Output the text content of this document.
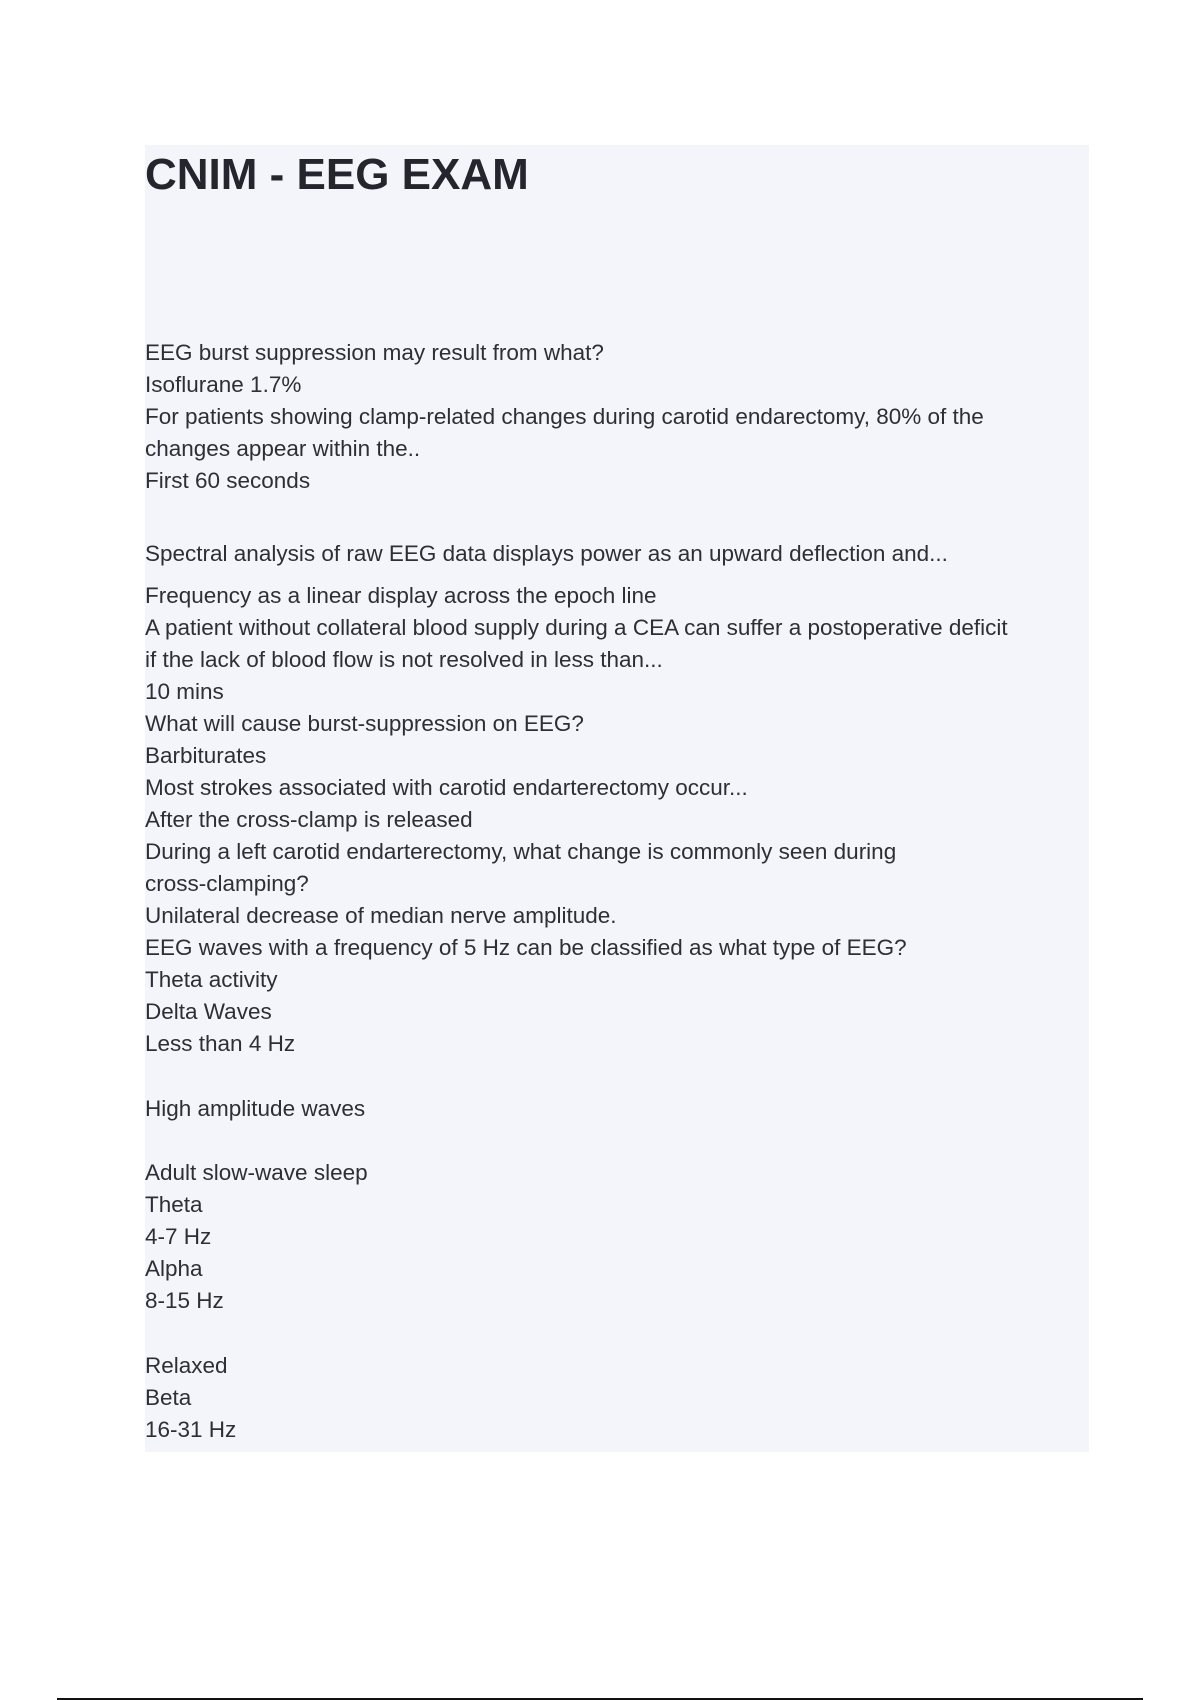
CNIM - EEG EXAM
EEG burst suppression may result from what?
Isoflurane 1.7%
For patients showing clamp-related changes during carotid endarectomy, 80% of the
changes appear within the..
First 60 seconds
Spectral analysis of raw EEG data displays power as an upward deflection and...
Frequency as a linear display across the epoch line
A patient without collateral blood supply during a CEA can suffer a postoperative deficit
if the lack of blood flow is not resolved in less than...
10 mins
What will cause burst-suppression on EEG?
Barbiturates
Most strokes associated with carotid endarterectomy occur...
After the cross-clamp is released
During a left carotid endarterectomy, what change is commonly seen during
cross-clamping?
Unilateral decrease of median nerve amplitude.
EEG waves with a frequency of 5 Hz can be classified as what type of EEG?
Theta activity
Delta Waves
Less than 4 Hz
High amplitude waves
Adult slow-wave sleep
Theta
4-7 Hz
Alpha
8-15 Hz
Relaxed
Beta
16-31 Hz
